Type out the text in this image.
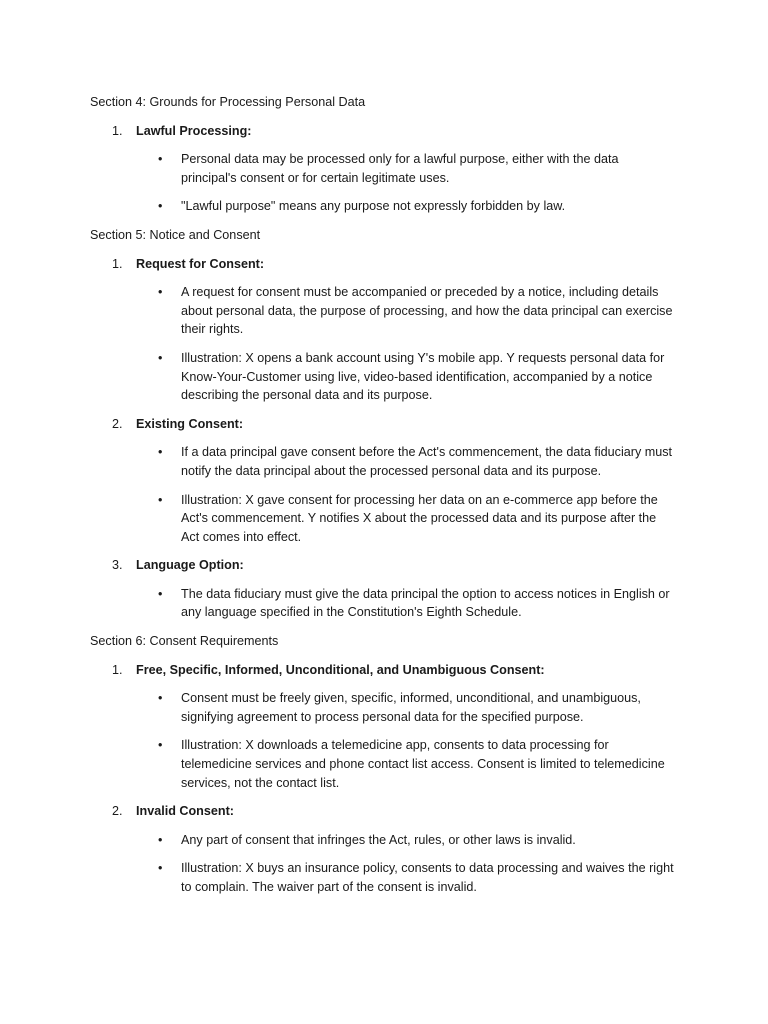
Section 4: Grounds for Processing Personal Data
1. Lawful Processing:
• Personal data may be processed only for a lawful purpose, either with the data principal's consent or for certain legitimate uses.
• "Lawful purpose" means any purpose not expressly forbidden by law.
Section 5: Notice and Consent
1. Request for Consent:
• A request for consent must be accompanied or preceded by a notice, including details about personal data, the purpose of processing, and how the data principal can exercise their rights.
• Illustration: X opens a bank account using Y's mobile app. Y requests personal data for Know-Your-Customer using live, video-based identification, accompanied by a notice describing the personal data and its purpose.
2. Existing Consent:
• If a data principal gave consent before the Act's commencement, the data fiduciary must notify the data principal about the processed personal data and its purpose.
• Illustration: X gave consent for processing her data on an e-commerce app before the Act's commencement. Y notifies X about the processed data and its purpose after the Act comes into effect.
3. Language Option:
• The data fiduciary must give the data principal the option to access notices in English or any language specified in the Constitution's Eighth Schedule.
Section 6: Consent Requirements
1. Free, Specific, Informed, Unconditional, and Unambiguous Consent:
• Consent must be freely given, specific, informed, unconditional, and unambiguous, signifying agreement to process personal data for the specified purpose.
• Illustration: X downloads a telemedicine app, consents to data processing for telemedicine services and phone contact list access. Consent is limited to telemedicine services, not the contact list.
2. Invalid Consent:
• Any part of consent that infringes the Act, rules, or other laws is invalid.
• Illustration: X buys an insurance policy, consents to data processing and waives the right to complain. The waiver part of the consent is invalid.
